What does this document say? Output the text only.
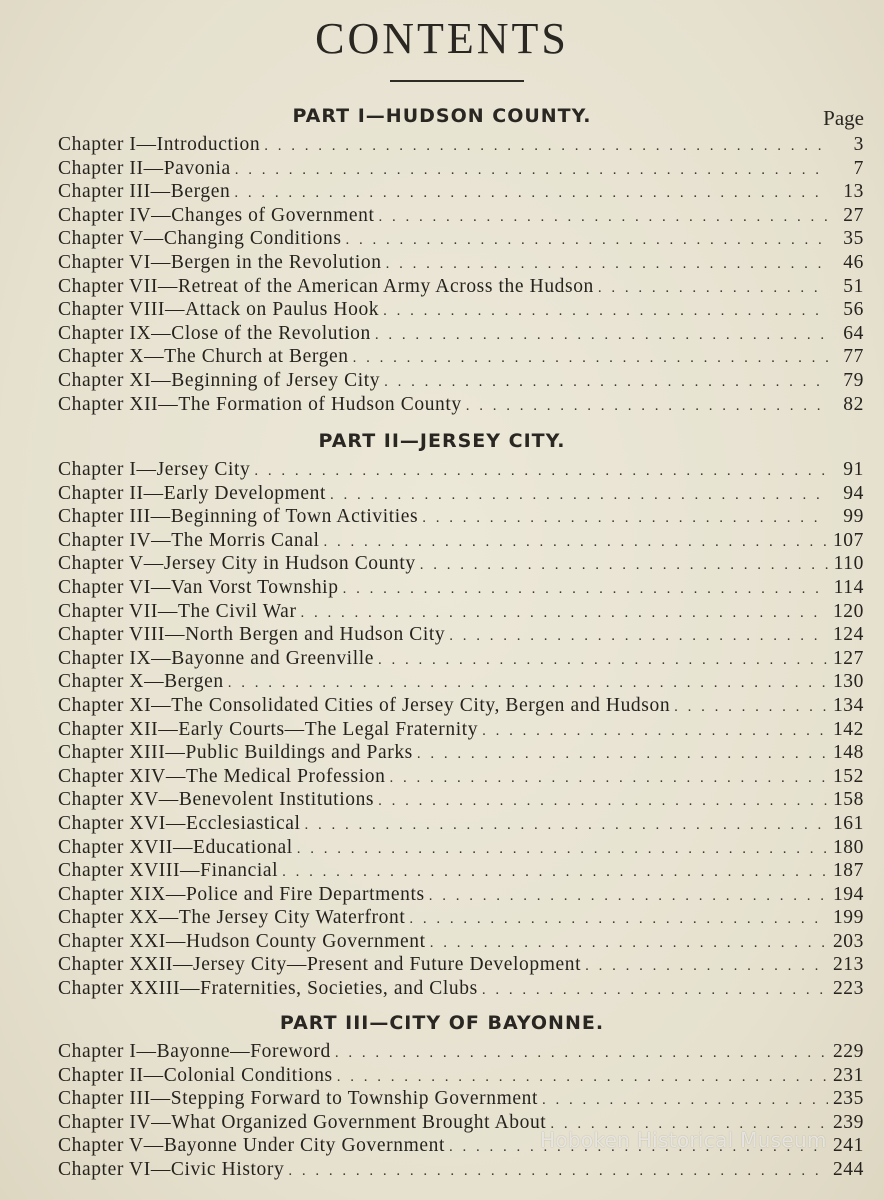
CONTENTS
Page
PART I—HUDSON COUNTY.
Chapter I—Introduction . . .	3
Chapter II—Pavonia . . .	7
Chapter III—Bergen . . .	13
Chapter IV—Changes of Government . . .	27
Chapter V—Changing Conditions . . .	35
Chapter VI—Bergen in the Revolution . . .	46
Chapter VII—Retreat of the American Army Across the Hudson . . .	51
Chapter VIII—Attack on Paulus Hook . . .	56
Chapter IX—Close of the Revolution . . .	64
Chapter X—The Church at Bergen . . .	77
Chapter XI—Beginning of Jersey City . . .	79
Chapter XII—The Formation of Hudson County . . .	82
PART II—JERSEY CITY.
Chapter I—Jersey City . . .	91
Chapter II—Early Development . . .	94
Chapter III—Beginning of Town Activities . . .	99
Chapter IV—The Morris Canal . . .	107
Chapter V—Jersey City in Hudson County . . .	110
Chapter VI—Van Vorst Township . . .	114
Chapter VII—The Civil War . . .	120
Chapter VIII—North Bergen and Hudson City . . .	124
Chapter IX—Bayonne and Greenville . . .	127
Chapter X—Bergen . . .	130
Chapter XI—The Consolidated Cities of Jersey City, Bergen and Hudson . . .	134
Chapter XII—Early Courts—The Legal Fraternity . . .	142
Chapter XIII—Public Buildings and Parks . . .	148
Chapter XIV—The Medical Profession . . .	152
Chapter XV—Benevolent Institutions . . .	158
Chapter XVI—Ecclesiastical . . .	161
Chapter XVII—Educational . . .	180
Chapter XVIII—Financial . . .	187
Chapter XIX—Police and Fire Departments . . .	194
Chapter XX—The Jersey City Waterfront . . .	199
Chapter XXI—Hudson County Government . . .	203
Chapter XXII—Jersey City—Present and Future Development . . .	213
Chapter XXIII—Fraternities, Societies, and Clubs . . .	223
PART III—CITY OF BAYONNE.
Chapter I—Bayonne—Foreword . . .	229
Chapter II—Colonial Conditions . . .	231
Chapter III—Stepping Forward to Township Government . . .	235
Chapter IV—What Organized Government Brought About . . .	239
Chapter V—Bayonne Under City Government . . .	241
Chapter VI—Civic History . . .	244
Hoboken Historical Museum
